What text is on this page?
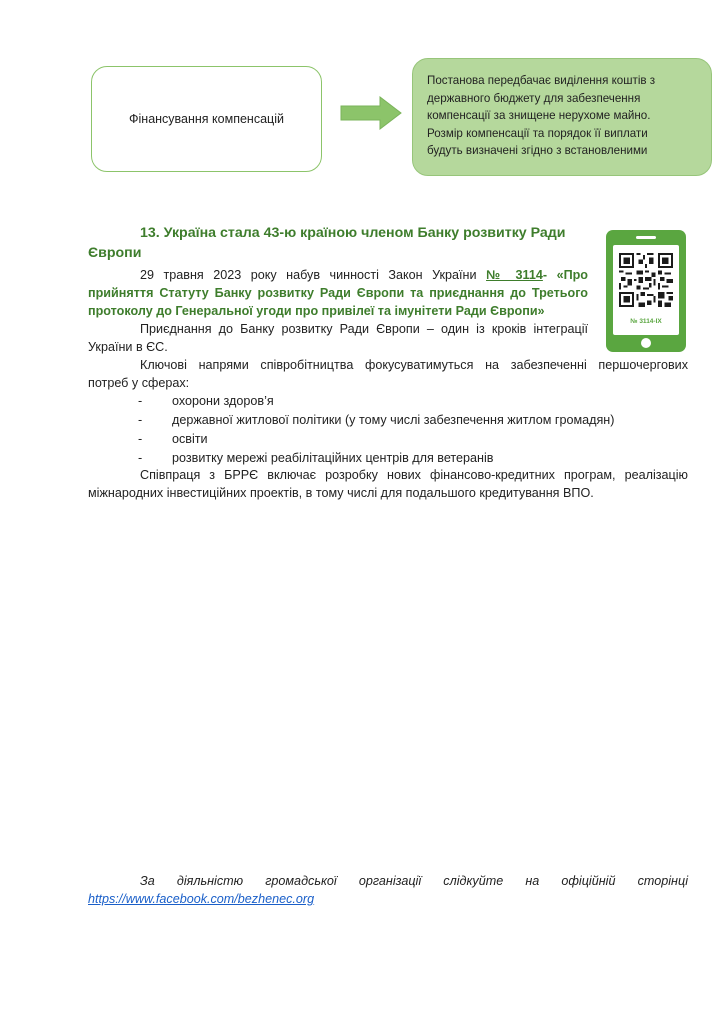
Фінансування компенсацій
Постанова передбачає виділення коштів з
державного бюджету для забезпечення
компенсації за знищене нерухоме майно.
Розмір компенсації та порядок її виплати
будуть визначені згідно з встановленими
13. Україна стала 43-ю країною членом Банку розвитку Ради
Європи
29 травня 2023 року набув чинності Закон України № 3114- «Про
прийняття Статуту Банку розвитку Ради Європи та приєднання до Третього
протоколу до Генеральної угоди про привілеї та імунітети Ради Європи»
Приєднання до Банку розвитку Ради Європи – один із кроків інтеграції
України в ЄС.
№ 3114-IX
Ключові напрями співробітництва фокусуватимуться на забезпеченні першочергових
потреб у сферах:
- охорони здоров’я
- державної житлової політики (у тому числі забезпечення житлом громадян)
- освіти
- розвитку мережі реабілітаційних центрів для ветеранів
Співпраця з БРРЄ включає розробку нових фінансово-кредитних програм, реалізацію
міжнародних інвестиційних проектів, в тому числі для подальшого кредитування ВПО.
За діяльністю громадської організації слідкуйте на офіційній сторінці
https://www.facebook.com/bezhenec.org
